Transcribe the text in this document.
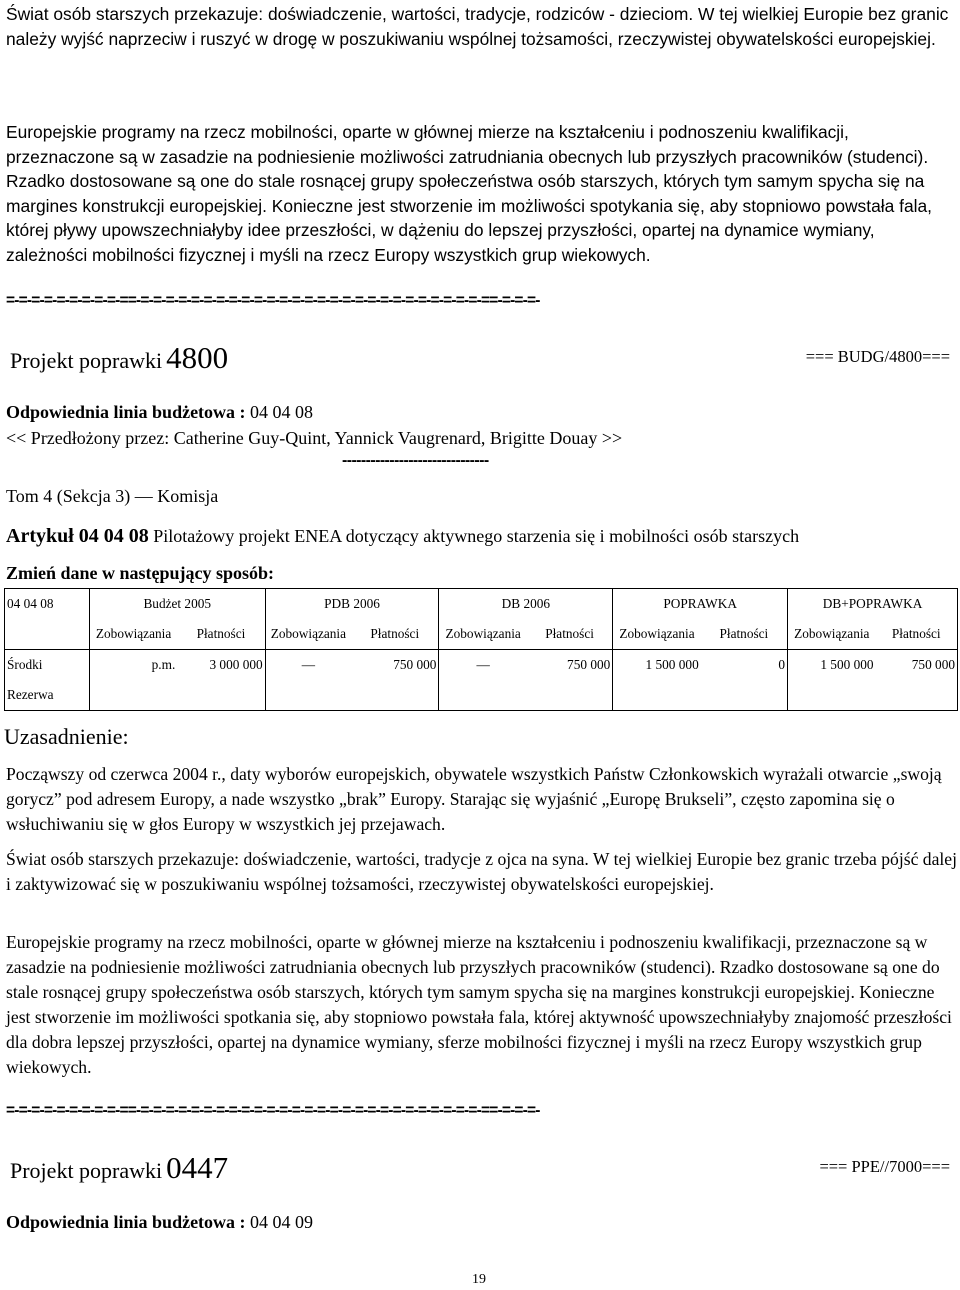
Świat osób starszych przekazuje: doświadczenie, wartości, tradycje, rodziców - dzieciom. W tej wielkiej Europie bez granic należy wyjść naprzeciw i ruszyć w drogę w poszukiwaniu wspólnej tożsamości, rzeczywistej obywatelskości europejskiej.

Europejskie programy na rzecz mobilności, oparte w głównej mierze na kształceniu i podnoszeniu kwalifikacji, przeznaczone są w zasadzie na podniesienie możliwości zatrudniania obecnych lub przyszłych pracowników (studenci). Rzadko dostosowane są one do stale rosnącej grupy społeczeństwa osób starszych, których tym samym spycha się na margines konstrukcji europejskiej. Konieczne jest stworzenie im możliwości spotykania się, aby stopniowo powstała fala, której pływy upowszechniałyby idee przeszłości, w dążeniu do lepszej przyszłości, opartej na dynamice wymiany, zależności mobilności fizycznej i myśli na rzecz Europy wszystkich grup wiekowych.

=-=-=-=-=-=-=-=-=-==-=-=-=-=-=-=-=-=-=-=-=-=-=-=-=-=-=-=-=-=-=-=-=-=-=-=-=-==-=-=-=-
Projekt poprawki 4800	=== BUDG/4800===
Odpowiednia linia budżetowa : 04 04 08
<< Przedłożony przez: Catherine Guy-Quint, Yannick Vaugrenard, Brigitte Douay >>
-------------------------------
Tom 4 (Sekcja 3) — Komisja
Artykuł 04 04 08 Pilotażowy projekt ENEA dotyczący aktywnego starzenia się i mobilności osób starszych
Zmień dane w następujący sposób:
04 04 08	Budżet 2005		PDB 2006		DB 2006		POPRAWKA		DB+POPRAWKA	
	Zobowiązania	Płatności	Zobowiązania	Płatności	Zobowiązania	Płatności	Zobowiązania	Płatności	Zobowiązania	Płatności
Środki	p.m.	3 000 000	—	750 000	—	750 000	1 500 000	0	1 500 000	750 000
Rezerwa										
Uzasadnienie:

Począwszy od czerwca 2004 r., daty wyborów europejskich, obywatele wszystkich Państw Członkowskich wyrażali otwarcie „swoją gorycz” pod adresem Europy, a nade wszystko „brak” Europy. Starając się wyjaśnić „Europę Brukseli”, często zapomina się o wsłuchiwaniu się w głos Europy w wszystkich jej przejawach.

Świat osób starszych przekazuje: doświadczenie, wartości, tradycje z ojca na syna. W tej wielkiej Europie bez granic trzeba pójść dalej i zaktywizować się w poszukiwaniu wspólnej tożsamości, rzeczywistej obywatelskości europejskiej.

Europejskie programy na rzecz mobilności, oparte w głównej mierze na kształceniu i podnoszeniu kwalifikacji, przeznaczone są w zasadzie na podniesienie możliwości zatrudniania obecnych lub przyszłych pracowników (studenci). Rzadko dostosowane są one do stale rosnącej grupy społeczeństwa osób starszych, których tym samym spycha się na margines konstrukcji europejskiej. Konieczne jest stworzenie im możliwości spotkania się, aby stopniowo powstała fala, której aktywność upowszechniałyby znajomość przeszłości dla dobra lepszej przyszłości, opartej na dynamice wymiany, sferze mobilności fizycznej i myśli na rzecz Europy wszystkich grup wiekowych.

=-=-=-=-=-=-=-=-=-==-=-=-=-=-=-=-=-=-=-=-=-=-=-=-=-=-=-=-=-=-=-=-=-=-=-=-=-==-=-=-=-
Projekt poprawki 0447	=== PPE//7000===
Odpowiednia linia budżetowa : 04 04 09
19
